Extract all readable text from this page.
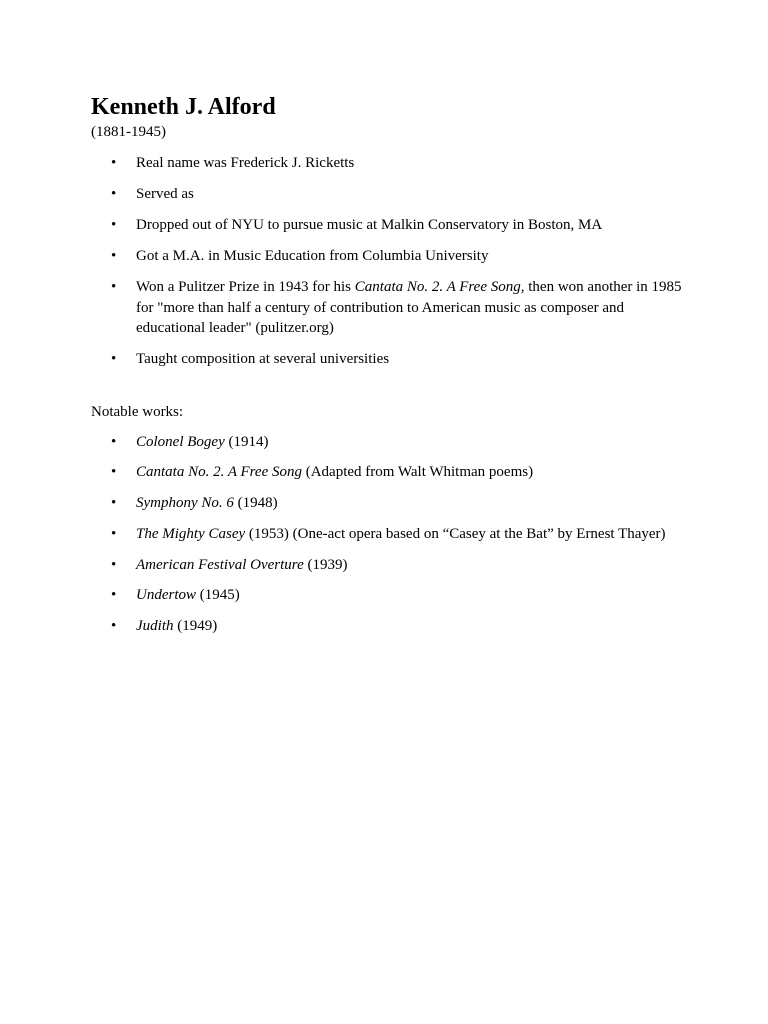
Kenneth J. Alford
(1881-1945)
• Real name was Frederick J. Ricketts
• Served as
• Dropped out of NYU to pursue music at Malkin Conservatory in Boston, MA
• Got a M.A. in Music Education from Columbia University
• Won a Pulitzer Prize in 1943 for his Cantata No. 2. A Free Song, then won another in 1985 for "more than half a century of contribution to American music as composer and educational leader" (pulitzer.org)
• Taught composition at several universities
Notable works:
• Colonel Bogey (1914)
• Cantata No. 2. A Free Song (Adapted from Walt Whitman poems)
• Symphony No. 6 (1948)
• The Mighty Casey (1953) (One-act opera based on “Casey at the Bat” by Ernest Thayer)
• American Festival Overture (1939)
• Undertow (1945)
• Judith (1949)
